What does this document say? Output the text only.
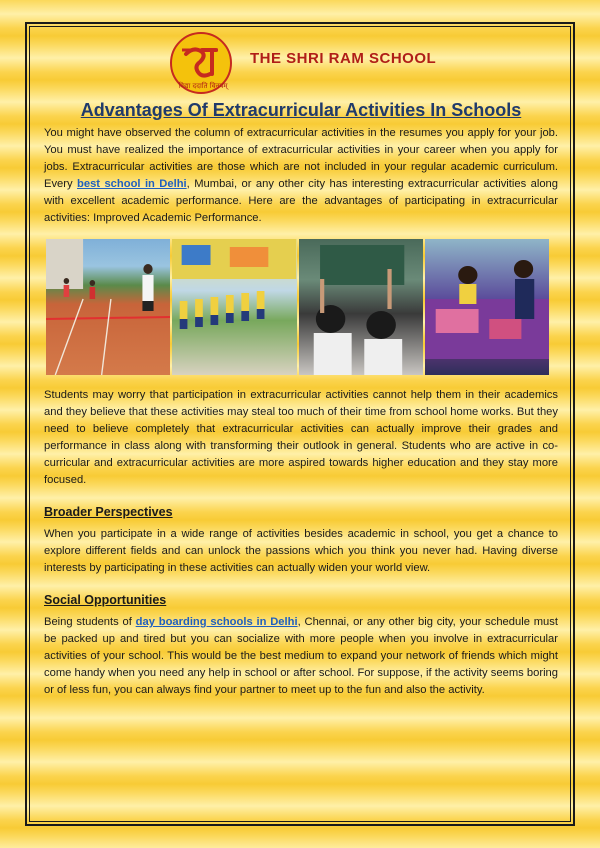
विद्या ददाति विनयम्
THE SHRI RAM SCHOOL
Advantages Of Extracurricular Activities In Schools

You might have observed the column of extracurricular activities in the resumes you apply for your job. You must have realized the importance of extracurricular activities in your career when you apply for jobs. Extracurricular activities are those which are not included in your regular academic curriculum. Every best school in Delhi, Mumbai, or any other city has interesting extracurricular activities along with excellent academic performance. Here are the advantages of participating in extracurricular activities: Improved Academic Performance.

Students may worry that participation in extracurricular activities cannot help them in their academics and they believe that these activities may steal too much of their time from school home works. But they need to believe completely that extracurricular activities can actually improve their grades and performance in class along with transforming their outlook in general. Students who are active in co-curricular and extracurricular activities are more aspired towards higher education and they stay more focused.

Broader Perspectives

When you participate in a wide range of activities besides academic in school, you get a chance to explore different fields and can unlock the passions which you think you never had. Having diverse interests by participating in these activities can actually widen your world view.

Social Opportunities

Being students of day boarding schools in Delhi, Chennai, or any other big city, your schedule must be packed up and tired but you can socialize with more people when you involve in extracurricular activities of your school. This would be the best medium to expand your network of friends which might come handy when you need any help in school or after school. For suppose, if the activity seems boring or of less fun, you can always find your partner to meet up to the fun and also the activity.
